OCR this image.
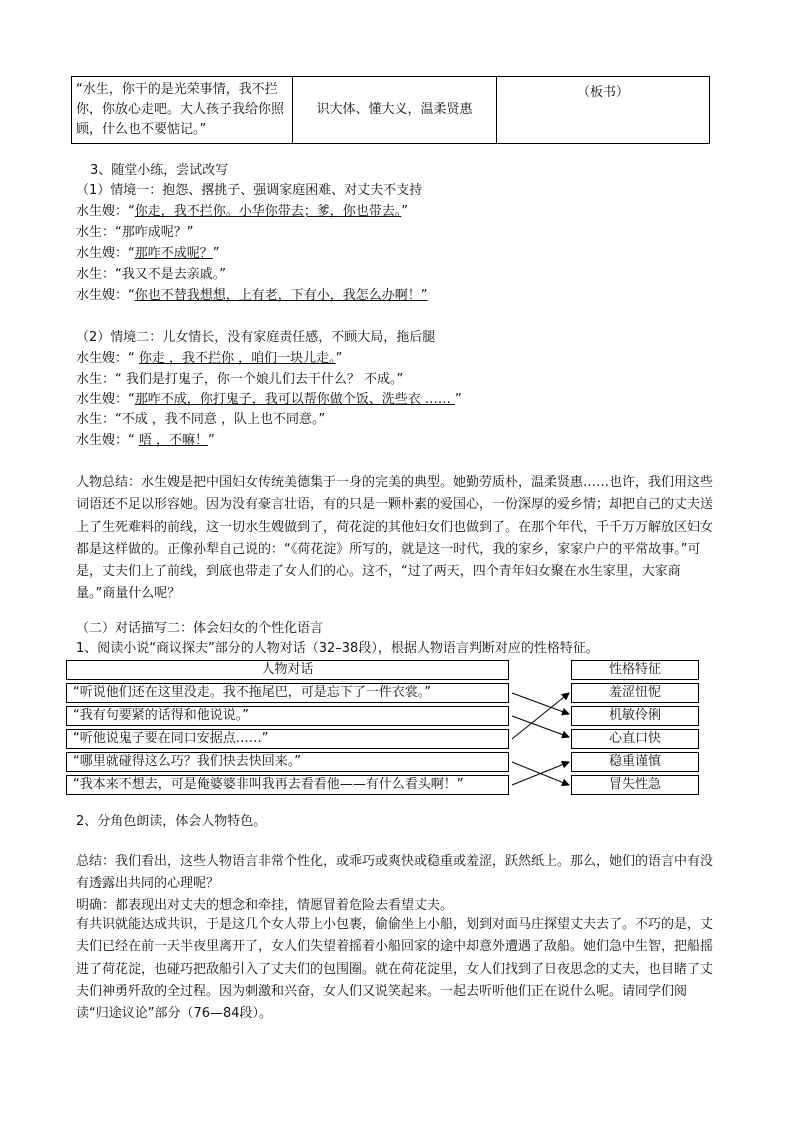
“水生，你干的是光荣事情，我不拦你，你放心走吧。大人孩子我给你照顾，什么也不要惦记。”	识大体、懂大义，温柔贤惠	（板书）
3、随堂小练，尝试改写
（1）情境一：抱怨、撂挑子、强调家庭困难、对丈夫不支持
水生嫂：“你走，我不拦你。小华你带去；爹，你也带去。”
水生：“那咋成呢？”
水生嫂：“那咋不成呢？”
水生：“我又不是去亲戚。”
水生嫂：“你也不替我想想，上有老，下有小，我怎么办啊！”
（2）情境二：儿女情长，没有家庭责任感，不顾大局，拖后腿
水生嫂：“ 你走 ，我不拦你 ，咱们一块儿走。”
水生：“ 我们是打鬼子，你一个娘儿们去干什么？ 不成。”
水生嫂：“那咋不成，你打鬼子，我可以帮你做个饭、洗些衣 …… ”
水生：“不成 ，我不同意 ，队上也不同意。”
水生嫂：“ 唔 ，不嘛！”
人物总结：水生嫂是把中国妇女传统美德集于一身的完美的典型。她勤劳质朴，温柔贤惠……也许，我们用这些词语还不足以形容她。因为没有豪言壮语，有的只是一颗朴素的爱国心，一份深厚的爱乡情；却把自己的丈夫送上了生死难料的前线，这一切水生嫂做到了，荷花淀的其他妇女们也做到了。在那个年代，千千万万解放区妇女都是这样做的。正像孙犁自己说的：“《荷花淀》所写的，就是这一时代，我的家乡，家家户户的平常故事。”可是，丈夫们上了前线，到底也带走了女人们的心。这不，“过了两天，四个青年妇女聚在水生家里，大家商量。”商量什么呢？
（二）对话描写二：体会妇女的个性化语言
1、阅读小说“商议探夫”部分的人物对话（32–38段），根据人物语言判断对应的性格特征。
人物对话
“听说他们还在这里没走。我不拖尾巴，可是忘下了一件衣裳。”
“我有句要紧的话得和他说说。”
“听他说鬼子要在同口安据点……”
“哪里就碰得这么巧？我们快去快回来。”
“我本来不想去，可是俺婆婆非叫我再去看看他——有什么看头啊！”
性格特征
羞涩忸怩
机敏伶俐
心直口快
稳重谨慎
冒失性急
2、分角色朗读，体会人物特色。
总结：我们看出，这些人物语言非常个性化，或乖巧或爽快或稳重或羞涩，跃然纸上。那么，她们的语言中有没有透露出共同的心理呢？
明确：都表现出对丈夫的想念和牵挂，情愿冒着危险去看望丈夫。
有共识就能达成共识，于是这几个女人带上小包裹，偷偷坐上小船，划到对面马庄探望丈夫去了。不巧的是，丈夫们已经在前一天半夜里离开了，女人们失望着摇着小船回家的途中却意外遭遇了敌船。她们急中生智，把船摇进了荷花淀，也碰巧把敌船引入了丈夫们的包围圈。就在荷花淀里，女人们找到了日夜思念的丈夫，也目睹了丈夫们神勇歼敌的全过程。因为刺激和兴奋，女人们又说笑起来。一起去听听他们正在说什么呢。请同学们阅读“归途议论”部分（76—84段）。
